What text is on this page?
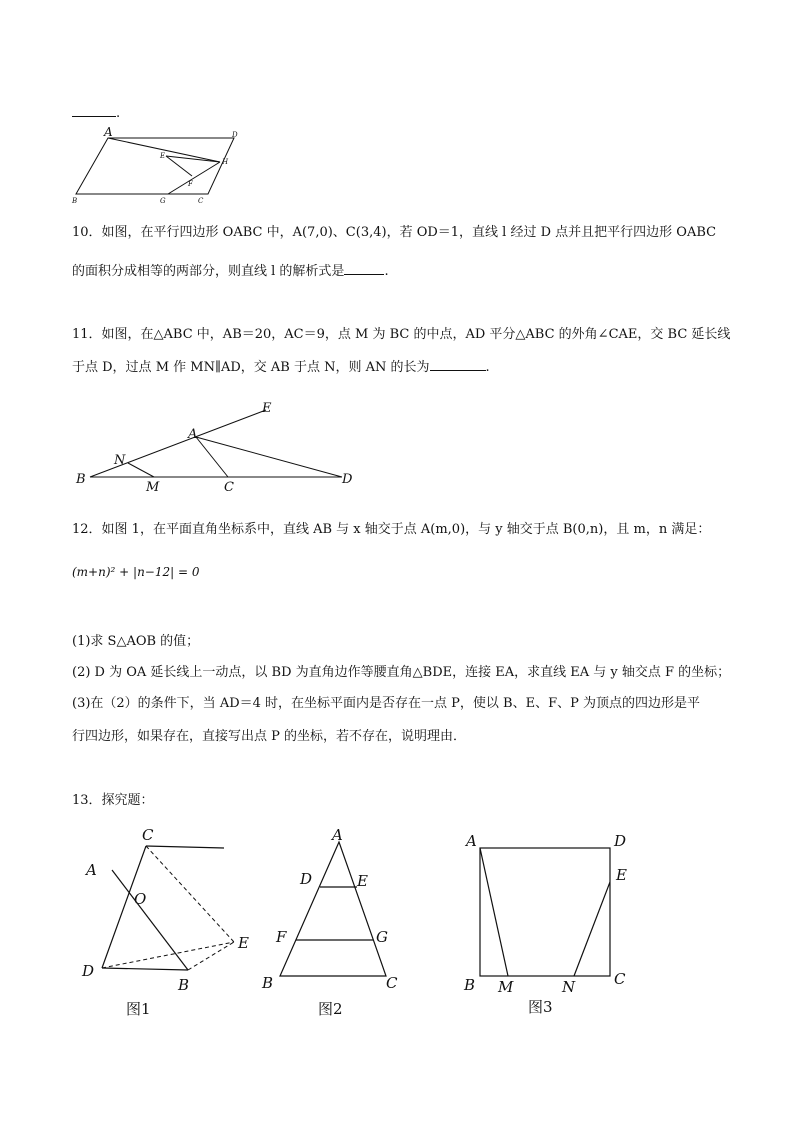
.
A	D
E
H
F
B	G	C
10．如图，在平行四边形 OABC 中，A(7,0)、C(3,4)，若 OD＝1，直线 l 经过 D 点并且把平行四边形 OABC
的面积分成相等的两部分，则直线 l 的解析式是	.
11．如图，在△ABC 中，AB＝20，AC＝9，点 M 为 BC 的中点，AD 平分△ABC 的外角∠CAE，交 BC 延长线
于点 D，过点 M 作 MN∥AD，交 AB 于点 N，则 AN 的长为	.
E
A
N
B
M	C
D
12．如图 1，在平面直角坐标系中，直线 AB 与 x 轴交于点 A(m,0)，与 y 轴交于点 B(0,n)，且 m，n 满足：
(m+n)² + |n−12| = 0
(1)求 S△AOB 的值；
(2) D 为 OA 延长线上一动点，以 BD 为直角边作等腰直角△BDE，连接 EA，求直线 EA 与 y 轴交点 F 的坐标；
(3)在（2）的条件下，当 AD＝4 时，在坐标平面内是否存在一点 P，使以 B、E、F、P 为顶点的四边形是平
行四边形，如果存在，直接写出点 P 的坐标，若不存在，说明理由．
13．探究题：
C
A
O
E
D
B
图1
A
D	E
F	G
B	C
图2
A	D
E
B M	N	C
图3
